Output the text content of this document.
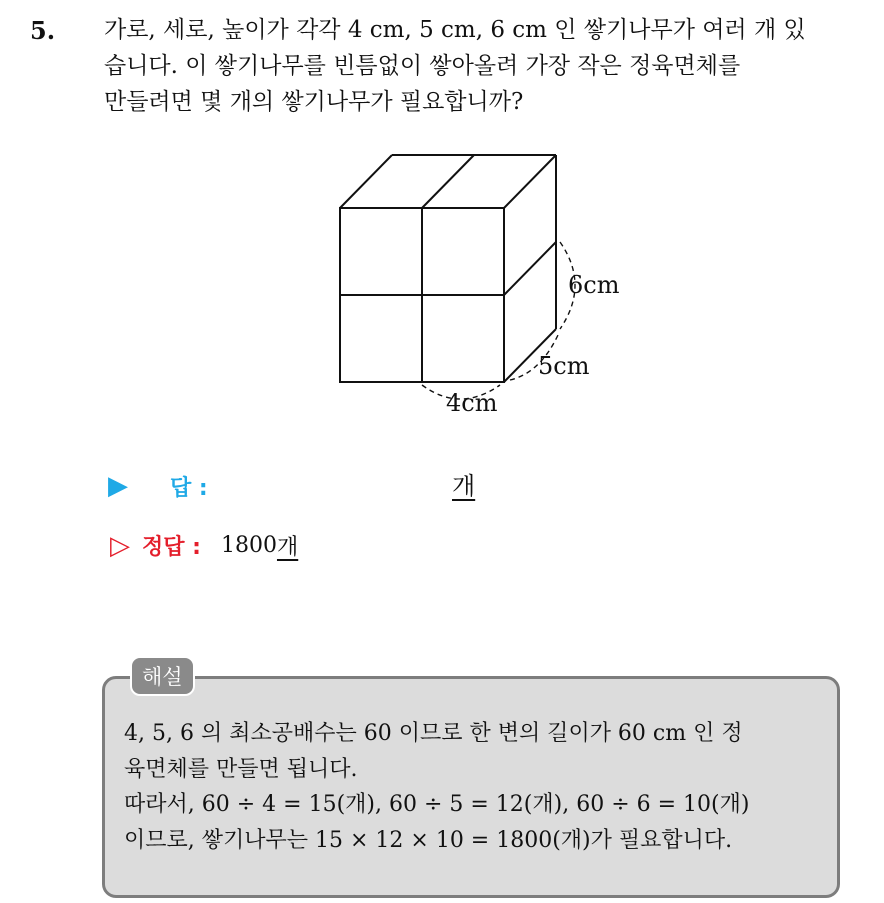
5. 가로, 세로, 높이가 각각 4 cm, 5 cm, 6 cm 인 쌓기나무가 여러 개 있
습니다. 이 쌓기나무를 빈틈없이 쌓아올려 가장 작은 정육면체를
만들려면 몇 개의 쌓기나무가 필요합니까?
6cm
5cm
4cm
▶	답 :	개
▷ 정답 : 1800 개
해설
4, 5, 6 의 최소공배수는 60 이므로 한 변의 길이가 60 cm 인 정
육면체를 만들면 됩니다.
따라서, 60 ÷ 4 = 15(개), 60 ÷ 5 = 12(개), 60 ÷ 6 = 10(개)
이므로, 쌓기나무는 15 × 12 × 10 = 1800(개)가 필요합니다.
